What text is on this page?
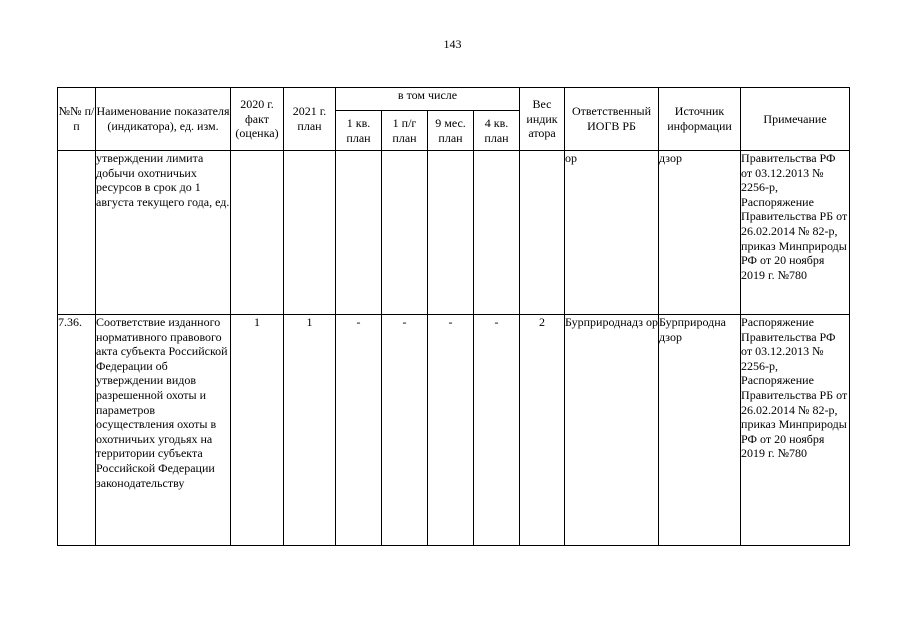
143
№№ п/п	Наименование показателя (индикатора), ед. изм.	2020 г. факт (оценка)	2021 г. план	в том числе				Вес индик атора	Ответственный ИОГВ РБ	Источник информации	Примечание
				1 кв. план	1 п/г план	9 мес. план	4 кв. план				
	утверждении лимита добычи охотничьих ресурсов в срок до 1 августа текущего года, ед.								ор	дзор	Правительства РФ от 03.12.2013 № 2256-р, Распоряжение Правительства РБ от 26.02.2014 № 82-р, приказ Минприроды РФ от 20 ноября 2019 г. №780
7.36.	Соответствие изданного нормативного правового акта субъекта Российской Федерации об утверждении видов разрешенной охоты и параметров осуществления охоты в охотничьих угодьях на территории субъекта Российской Федерации законодательству	1	1	-	-	-	-	2	Бурприроднадз ор	Бурприродна дзор	Распоряжение Правительства РФ от 03.12.2013 № 2256-р, Распоряжение Правительства РБ от 26.02.2014 № 82-р, приказ Минприроды РФ от 20 ноября 2019 г. №780
